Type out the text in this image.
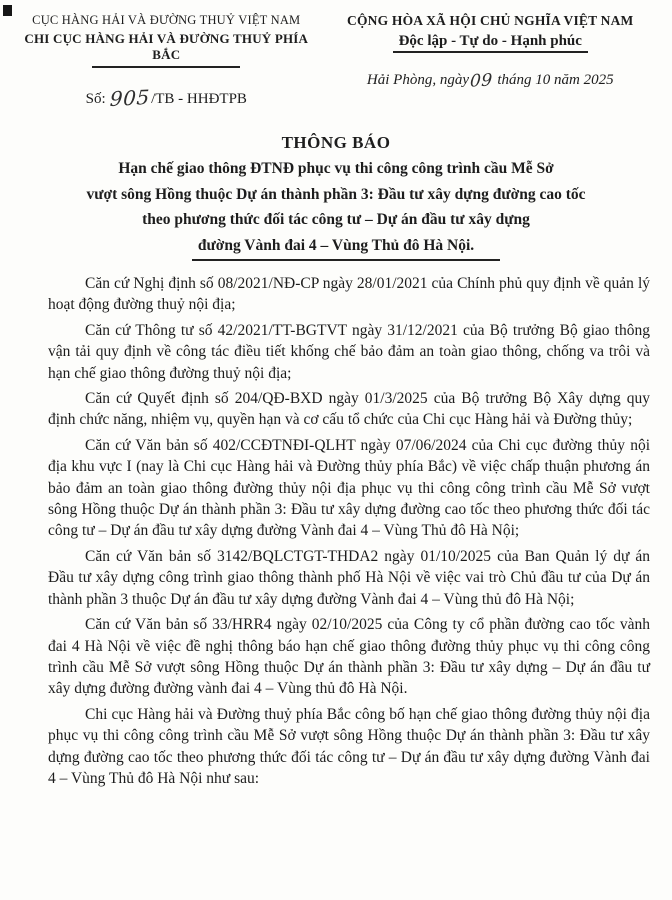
CỤC HÀNG HẢI VÀ ĐƯỜNG THUỶ VIỆT NAM
CHI CỤC HÀNG HẢI VÀ ĐƯỜNG THUỶ PHÍA BẮC
Số: 905/TB - HHĐTPB
CỘNG HÒA XÃ HỘI CHỦ NGHĨA VIỆT NAM
Độc lập - Tự do - Hạnh phúc
Hải Phòng, ngày09 tháng 10 năm 2025
THÔNG BÁO
Hạn chế giao thông ĐTNĐ phục vụ thi công công trình cầu Mễ Sở
vượt sông Hồng thuộc Dự án thành phần 3: Đầu tư xây dựng đường cao tốc
theo phương thức đối tác công tư – Dự án đầu tư xây dựng
đường Vành đai 4 – Vùng Thủ đô Hà Nội.

Căn cứ Nghị định số 08/2021/NĐ-CP ngày 28/01/2021 của Chính phủ quy định về quản lý hoạt động đường thuỷ nội địa;

Căn cứ Thông tư số 42/2021/TT-BGTVT ngày 31/12/2021 của Bộ trưởng Bộ giao thông vận tải quy định về công tác điều tiết khống chế bảo đảm an toàn giao thông, chống va trôi và hạn chế giao thông đường thuỷ nội địa;

Căn cứ Quyết định số 204/QĐ-BXD ngày 01/3/2025 của Bộ trưởng Bộ Xây dựng quy định chức năng, nhiệm vụ, quyền hạn và cơ cấu tổ chức của Chi cục Hàng hải và Đường thủy;

Căn cứ Văn bản số 402/CCĐTNĐI-QLHT ngày 07/06/2024 của Chi cục đường thủy nội địa khu vực I (nay là Chi cục Hàng hải và Đường thủy phía Bắc) về việc chấp thuận phương án bảo đảm an toàn giao thông đường thủy nội địa phục vụ thi công công trình cầu Mễ Sở vượt sông Hồng thuộc Dự án thành phần 3: Đầu tư xây dựng đường cao tốc theo phương thức đối tác công tư – Dự án đầu tư xây dựng đường Vành đai 4 – Vùng Thủ đô Hà Nội;

Căn cứ Văn bản số 3142/BQLCTGT-THDA2 ngày 01/10/2025 của Ban Quản lý dự án Đầu tư xây dựng công trình giao thông thành phố Hà Nội về việc vai trò Chủ đầu tư của Dự án thành phần 3 thuộc Dự án đầu tư xây dựng đường Vành đai 4 – Vùng thủ đô Hà Nội;

Căn cứ Văn bản số 33/HRR4 ngày 02/10/2025 của Công ty cổ phần đường cao tốc vành đai 4 Hà Nội về việc đề nghị thông báo hạn chế giao thông đường thủy phục vụ thi công công trình cầu Mễ Sở vượt sông Hồng thuộc Dự án thành phần 3: Đầu tư xây dựng – Dự án đầu tư xây dựng đường đường vành đai 4 – Vùng thủ đô Hà Nội.

Chi cục Hàng hải và Đường thuỷ phía Bắc công bố hạn chế giao thông đường thủy nội địa phục vụ thi công công trình cầu Mễ Sở vượt sông Hồng thuộc Dự án thành phần 3: Đầu tư xây dựng đường cao tốc theo phương thức đối tác công tư – Dự án đầu tư xây dựng đường Vành đai 4 – Vùng Thủ đô Hà Nội như sau:
